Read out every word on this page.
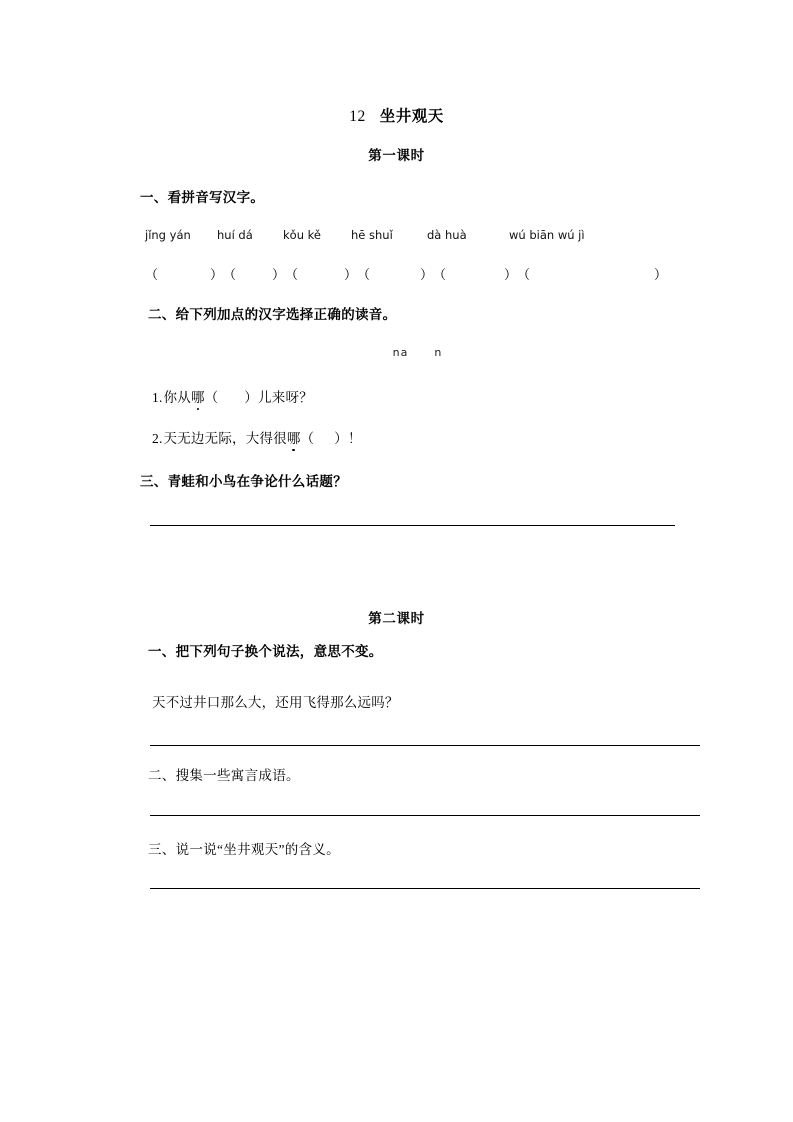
12 坐井观天
第一课时
一、看拼音写汉字。
jǐng yán huí dá	kǒu kě	hē shuǐ	dà huà	wú biān wú jì
（	） （	） （	） （	） （	） （	）
二、给下列加点的汉字选择正确的读音。
na n
1.你从哪（ ）儿来呀？
2.天无边无际，大得很哪（ ）！
三、青蛙和小鸟在争论什么话题？
第二课时
一、把下列句子换个说法，意思不变。
天不过井口那么大，还用飞得那么远吗？
二、搜集一些寓言成语。
三、说一说“坐井观天”的含义。
